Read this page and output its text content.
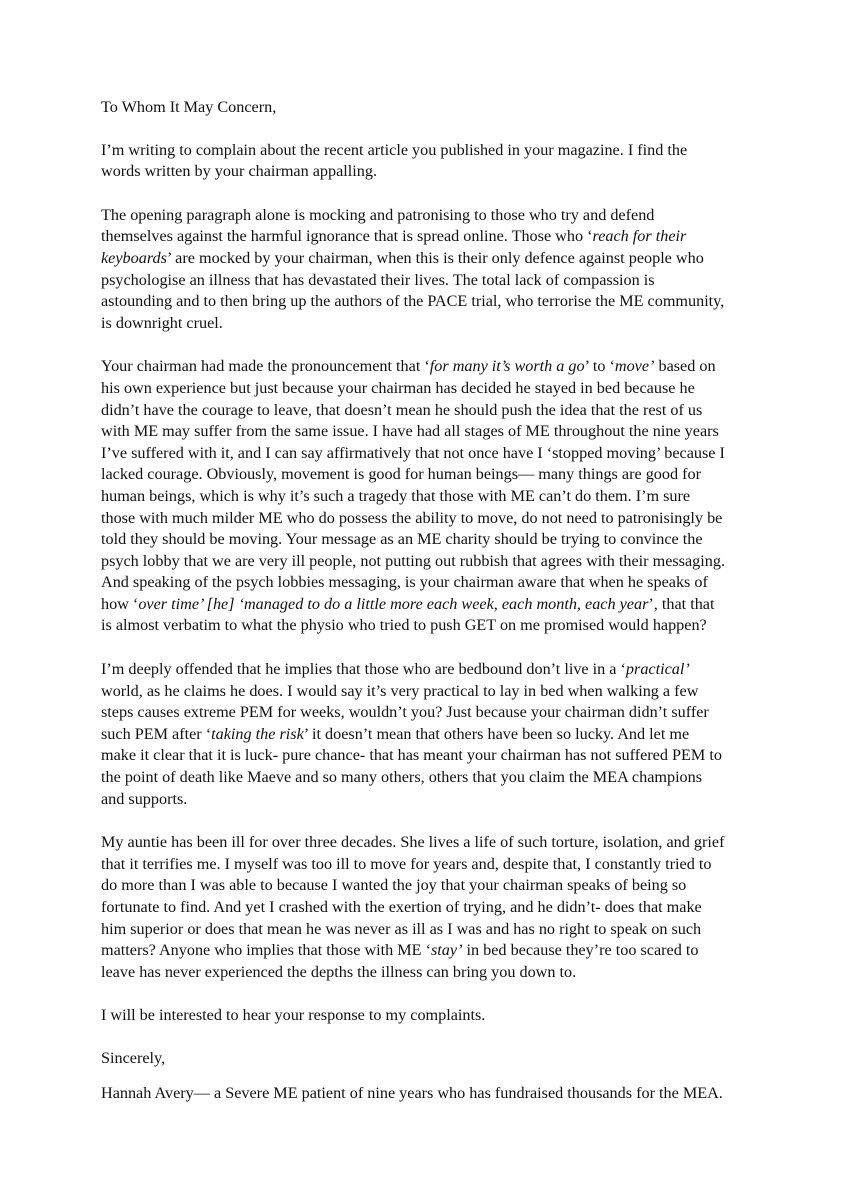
To Whom It May Concern,

I’m writing to complain about the recent article you published in your magazine. I find the words written by your chairman appalling.

The opening paragraph alone is mocking and patronising to those who try and defend themselves against the harmful ignorance that is spread online. Those who ‘reach for their keyboards’ are mocked by your chairman, when this is their only defence against people who psychologise an illness that has devastated their lives. The total lack of compassion is astounding and to then bring up the authors of the PACE trial, who terrorise the ME community, is downright cruel.

Your chairman had made the pronouncement that ‘for many it’s worth a go’ to ‘move’ based on his own experience but just because your chairman has decided he stayed in bed because he didn’t have the courage to leave, that doesn’t mean he should push the idea that the rest of us with ME may suffer from the same issue. I have had all stages of ME throughout the nine years I’ve suffered with it, and I can say affirmatively that not once have I ‘stopped moving’ because I lacked courage. Obviously, movement is good for human beings— many things are good for human beings, which is why it’s such a tragedy that those with ME can’t do them. I’m sure those with much milder ME who do possess the ability to move, do not need to patronisingly be told they should be moving. Your message as an ME charity should be trying to convince the psych lobby that we are very ill people, not putting out rubbish that agrees with their messaging. And speaking of the psych lobbies messaging, is your chairman aware that when he speaks of how ‘over time’ [he] ‘managed to do a little more each week, each month, each year’, that that is almost verbatim to what the physio who tried to push GET on me promised would happen?

I’m deeply offended that he implies that those who are bedbound don’t live in a ‘practical’ world, as he claims he does. I would say it’s very practical to lay in bed when walking a few steps causes extreme PEM for weeks, wouldn’t you? Just because your chairman didn’t suffer such PEM after ‘taking the risk’ it doesn’t mean that others have been so lucky. And let me make it clear that it is luck- pure chance- that has meant your chairman has not suffered PEM to the point of death like Maeve and so many others, others that you claim the MEA champions and supports.

My auntie has been ill for over three decades. She lives a life of such torture, isolation, and grief that it terrifies me. I myself was too ill to move for years and, despite that, I constantly tried to do more than I was able to because I wanted the joy that your chairman speaks of being so fortunate to find. And yet I crashed with the exertion of trying, and he didn’t- does that make him superior or does that mean he was never as ill as I was and has no right to speak on such matters? Anyone who implies that those with ME ‘stay’ in bed because they’re too scared to leave has never experienced the depths the illness can bring you down to.

I will be interested to hear your response to my complaints.

Sincerely,

Hannah Avery— a Severe ME patient of nine years who has fundraised thousands for the MEA.
